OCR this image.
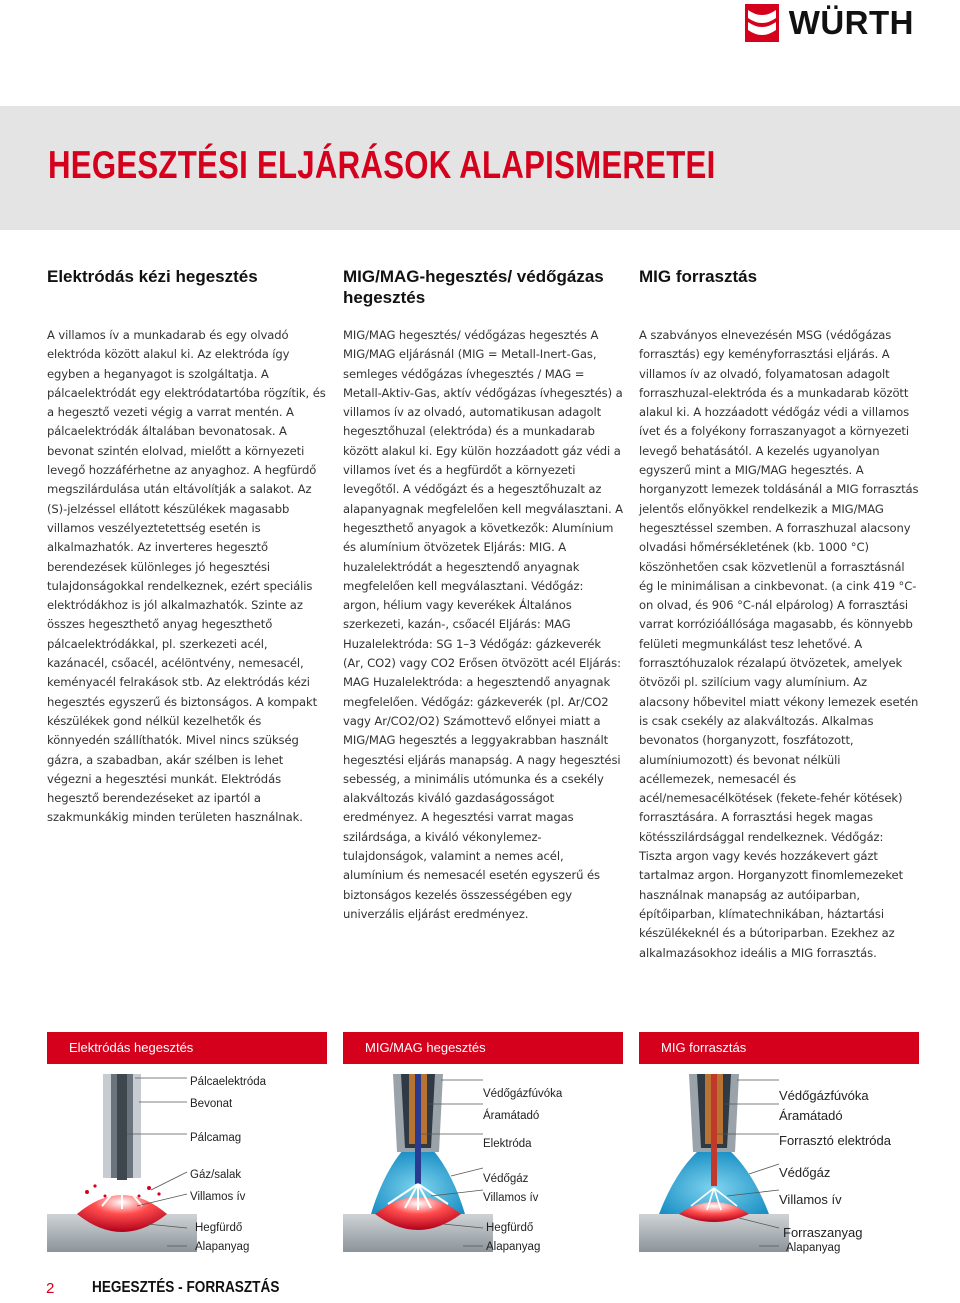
WÜRTH
HEGESZTÉSI ELJÁRÁSOK ALAPISMERETEI
Elektródás kézi hegesztés
A villamos ív a munkadarab és egy olvadó elektróda között alakul ki. Az elektróda így egyben a heganyagot is szolgáltatja. A pálcaelektródát egy elektródatartóba rögzítik, és a hegesztő vezeti végig a varrat mentén. A pálcaelektródák általában bevonatosak. A bevonat szintén elolvad, mielőtt a környezeti levegő hozzáférhetne az anyaghoz. A hegfürdő megszilárdulása után eltávolítják a salakot. Az (S)-jelzéssel ellátott készülékek magasabb villamos veszélyeztetettség esetén is alkalmazhatók. Az inverteres hegesztő berendezések különleges jó hegesztési tulajdonságokkal rendelkeznek, ezért speciális elektródákhoz is jól alkalmazhatók. Szinte az összes hegeszthető anyag hegeszthető pálcaelektródákkal, pl. szerkezeti acél, kazánacél, csőacél, acélöntvény, nemesacél, keményacél felrakások stb. Az elektródás kézi hegesztés egyszerű és biztonságos. A kompakt készülékek gond nélkül kezelhetők és könnyedén szállíthatók. Mivel nincs szükség gázra, a szabadban, akár szélben is lehet végezni a hegesztési munkát. Elektródás hegesztő berendezéseket az ipartól a szakmunkákig minden területen használnak.
MIG/MAG-hegesztés/ védőgázas hegesztés
MIG/MAG hegesztés/ védőgázas hegesztés A MIG/MAG eljárásnál (MIG = Metall-Inert-Gas, semleges védőgázas ívhegesztés / MAG = Metall-Aktiv-Gas, aktív védőgázas ívhegesztés) a villamos ív az olvadó, automatikusan adagolt hegesztőhuzal (elektróda) és a munkadarab között alakul ki. Egy külön hozzáadott gáz védi a villamos ívet és a hegfürdőt a környezeti levegőtől. A védőgázt és a hegesztőhuzalt az alapanyagnak megfelelően kell megválasztani. A hegeszthető anyagok a következők: Alumínium és alumínium ötvözetek Eljárás: MIG. A huzalelektródát a hegesztendő anyagnak megfelelően kell megválasztani. Védőgáz: argon, hélium vagy keverékek Általános szerkezeti, kazán-, csőacél Eljárás: MAG Huzalelektróda: SG 1–3 Védőgáz: gázkeverék (Ar, CO2) vagy CO2 Erősen ötvözött acél Eljárás: MAG Huzalelektróda: a hegesztendő anyagnak megfelelően. Védőgáz: gázkeverék (pl. Ar/CO2 vagy Ar/CO2/O2) Számottevő előnyei miatt a MIG/MAG hegesztés a leggyakrabban használt hegesztési eljárás manapság. A nagy hegesztési sebesség, a minimális utómunka és a csekély alakváltozás kiváló gazdaságosságot eredményez. A hegesztési varrat magas szilárdsága, a kiváló vékonylemez-tulajdonságok, valamint a nemes acél, alumínium és nemesacél esetén egyszerű és biztonságos kezelés összességében egy univerzális eljárást eredményez.
MIG forrasztás
A szabványos elnevezésén MSG (védőgázas forrasztás) egy keményforrasztási eljárás. A villamos ív az olvadó, folyamatosan adagolt forraszhuzal-elektróda és a munkadarab között alakul ki. A hozzáadott védőgáz védi a villamos ívet és a folyékony forraszanyagot a környezeti levegő behatásától. A kezelés ugyanolyan egyszerű mint a MIG/MAG hegesztés. A horganyzott lemezek toldásánál a MIG forrasztás jelentős előnyökkel rendelkezik a MIG/MAG hegesztéssel szemben. A forraszhuzal alacsony olvadási hőmérsékletének (kb. 1000 °C) köszönhetően csak közvetlenül a forrasztásnál ég le minimálisan a cinkbevonat. (a cink 419 °C-on olvad, és 906 °C-nál elpárolog) A forrasztási varrat korrózióállósága magasabb, és könnyebb felületi megmunkálást tesz lehetővé. A forrasztóhuzalok rézalapú ötvözetek, amelyek ötvözői pl. szilícium vagy alumínium. Az alacsony hőbevitel miatt vékony lemezek esetén is csak csekély az alakváltozás. Alkalmas bevonatos (horganyzott, foszfátozott, alumíniumozott) és bevonat nélküli acéllemezek, nemesacél és acél/nemesacélkötések (fekete-fehér kötések) forrasztására. A forrasztási hegek magas kötésszilárdsággal rendelkeznek. Védőgáz: Tiszta argon vagy kevés hozzákevert gázt tartalmaz argon. Horganyzott finomlemezeket használnak manapság az autóiparban, építőiparban, klímatechnikában, háztartási készülékeknél és a bútoriparban. Ezekhez az alkalmazásokhoz ideális a MIG forrasztás.
Elektródás hegesztés
Pálcaelektróda
Bevonat
Pálcamag
Gáz/salak
Villamos ív
Hegfürdő
Alapanyag
MIG/MAG hegesztés
Védőgázfúvóka
Áramátadó
Elektróda
Védőgáz
Villamos ív
Hegfürdő
Alapanyag
MIG forrasztás
Védőgázfúvóka
Áramátadó
Forrasztó elektróda
Védőgáz
Villamos ív
Forraszanyag
Alapanyag
2 HEGESZTÉS - FORRASZTÁS
